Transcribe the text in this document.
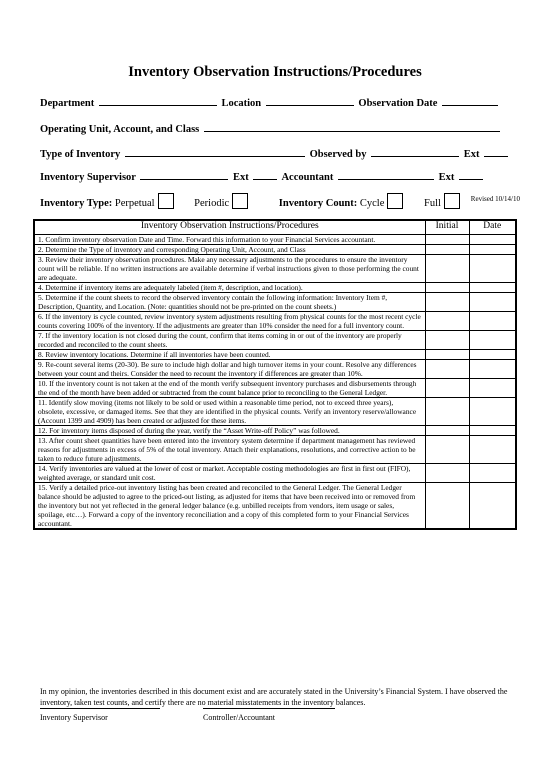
Inventory Observation Instructions/Procedures
Department	Location	Observation Date
Operating Unit, Account, and Class
Type of Inventory	Observed by	Ext
Inventory Supervisor	Ext	Accountant	Ext
Inventory Type: Perpetual	Periodic	Inventory Count: Cycle	Full	Revised 10/14/10
Inventory Observation Instructions/Procedures	Initial	Date
1. Confirm inventory observation Date and Time. Forward this information to your Financial Services accountant.		
2. Determine the Type of inventory and corresponding Operating Unit, Account, and Class		
3. Review their inventory observation procedures. Make any necessary adjustments to the procedures to ensure the inventory count will be reliable. If no written instructions are available determine if verbal instructions given to those performing the count are adequate.		
4. Determine if inventory items are adequately labeled (item #, description, and location).		
5. Determine if the count sheets to record the observed inventory contain the following information: Inventory Item #, Description, Quantity, and Location. (Note: quantities should not be pre-printed on the count sheets.)		
6. If the inventory is cycle counted, review inventory system adjustments resulting from physical counts for the most recent cycle counts covering 100% of the inventory. If the adjustments are greater than 10% consider the need for a full inventory count.		
7. If the inventory location is not closed during the count, confirm that items coming in or out of the inventory are properly recorded and reconciled to the count sheets.		
8. Review inventory locations. Determine if all inventories have been counted.		
9. Re-count several items (20-30). Be sure to include high dollar and high turnover items in your count. Resolve any differences between your count and theirs. Consider the need to recount the inventory if differences are greater than 10%.		
10. If the inventory count is not taken at the end of the month verify subsequent inventory purchases and disbursements through the end of the month have been added or subtracted from the count balance prior to reconciling to the General Ledger.		
11. Identify slow moving (items not likely to be sold or used within a reasonable time period, not to exceed three years), obsolete, excessive, or damaged items. See that they are identified in the physical counts. Verify an inventory reserve/allowance (Account 1399 and 4909) has been created or adjusted for these items.		
12. For inventory items disposed of during the year, verify the “Asset Write-off Policy” was followed.		
13. After count sheet quantities have been entered into the inventory system determine if department management has reviewed reasons for adjustments in excess of 5% of the total inventory. Attach their explanations, resolutions, and corrective action to be taken to reduce future adjustments.		
14. Verify inventories are valued at the lower of cost or market. Acceptable costing methodologies are first in first out (FIFO), weighted average, or standard unit cost.		
15. Verify a detailed price-out inventory listing has been created and reconciled to the General Ledger. The General Ledger balance should be adjusted to agree to the priced-out listing, as adjusted for items that have been received into or removed from the inventory but not yet reflected in the general ledger balance (e.g. unbilled receipts from vendors, item usage or sales, spoilage, etc…). Forward a copy of the inventory reconciliation and a copy of this completed form to your Financial Services accountant.		
In my opinion, the inventories described in this document exist and are accurately stated in the University’s Financial System. I have observed the inventory, taken test counts, and certify there are no material misstatements in the inventory balances.
Inventory Supervisor	Controller/Accountant
